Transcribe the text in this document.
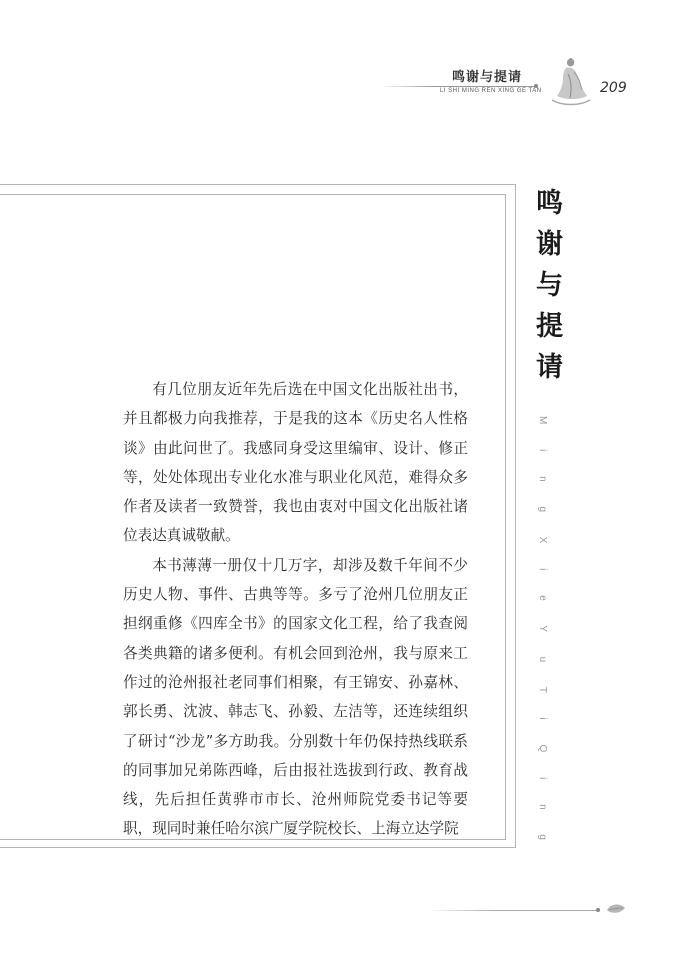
鸣谢与提请
LI SHI MING REN XING GE TAN	209
鸣谢与提请
M i n g X i e Y u T i Q i n g

有几位朋友近年先后选在中国文化出版社出书，并且都极力向我推荐，于是我的这本《历史名人性格谈》由此问世了。我感同身受这里编审、设计、修正等，处处体现出专业化水准与职业化风范，难得众多作者及读者一致赞誉，我也由衷对中国文化出版社诸位表达真诚敬献。

本书薄薄一册仅十几万字，却涉及数千年间不少历史人物、事件、古典等等。多亏了沧州几位朋友正担纲重修《四库全书》的国家文化工程，给了我查阅各类典籍的诸多便利。有机会回到沧州，我与原来工作过的沧州报社老同事们相聚，有王锦安、孙嘉林、郭长勇、沈波、韩志飞、孙毅、左洁等，还连续组织了研讨“沙龙”多方助我。分别数十年仍保持热线联系的同事加兄弟陈西峰，后由报社选拔到行政、教育战线，先后担任黄骅市市长、沧州师院党委书记等要职，现同时兼任哈尔滨广厦学院校长、上海立达学院
